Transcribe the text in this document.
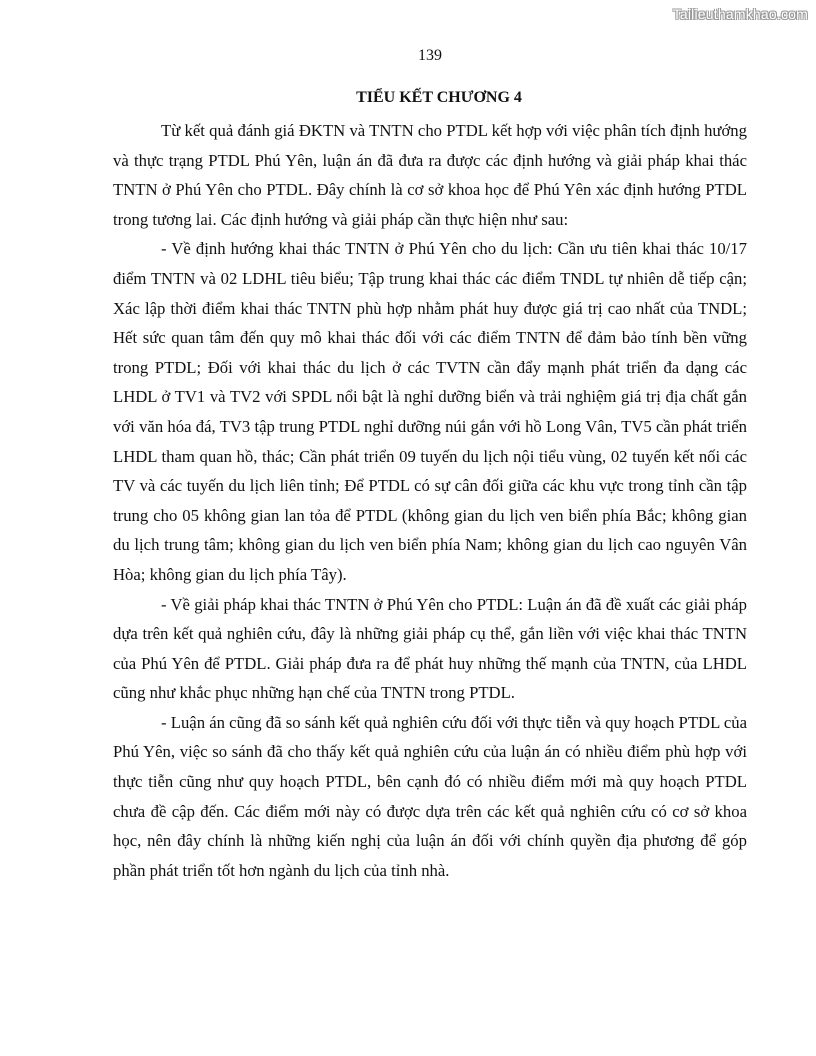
Tailieuthamkhao.com
139
TIỂU KẾT CHƯƠNG 4

Từ kết quả đánh giá ĐKTN và TNTN cho PTDL kết hợp với việc phân tích định hướng và thực trạng PTDL Phú Yên, luận án đã đưa ra được các định hướng và giải pháp khai thác TNTN ở Phú Yên cho PTDL. Đây chính là cơ sở khoa học để Phú Yên xác định hướng PTDL trong tương lai. Các định hướng và giải pháp cần thực hiện như sau:

- Về định hướng khai thác TNTN ở Phú Yên cho du lịch: Cần ưu tiên khai thác 10/17 điểm TNTN và 02 LDHL tiêu biểu; Tập trung khai thác các điểm TNDL tự nhiên dễ tiếp cận; Xác lập thời điểm khai thác TNTN phù hợp nhằm phát huy được giá trị cao nhất của TNDL; Hết sức quan tâm đến quy mô khai thác đối với các điểm TNTN để đảm bảo tính bền vững trong PTDL; Đối với khai thác du lịch ở các TVTN cần đẩy mạnh phát triển đa dạng các LHDL ở TV1 và TV2 với SPDL nổi bật là nghỉ dưỡng biển và trải nghiệm giá trị địa chất gắn với văn hóa đá, TV3 tập trung PTDL nghỉ dưỡng núi gắn với hồ Long Vân, TV5 cần phát triển LHDL tham quan hồ, thác; Cần phát triển 09 tuyến du lịch nội tiểu vùng, 02 tuyến kết nối các TV và các tuyến du lịch liên tỉnh; Để PTDL có sự cân đối giữa các khu vực trong tỉnh cần tập trung cho 05 không gian lan tỏa để PTDL (không gian du lịch ven biển phía Bắc; không gian du lịch trung tâm; không gian du lịch ven biển phía Nam; không gian du lịch cao nguyên Vân Hòa; không gian du lịch phía Tây).

- Về giải pháp khai thác TNTN ở Phú Yên cho PTDL: Luận án đã đề xuất các giải pháp dựa trên kết quả nghiên cứu, đây là những giải pháp cụ thể, gắn liền với việc khai thác TNTN của Phú Yên để PTDL. Giải pháp đưa ra để phát huy những thế mạnh của TNTN, của LHDL cũng như khắc phục những hạn chế của TNTN trong PTDL.

- Luận án cũng đã so sánh kết quả nghiên cứu đối với thực tiễn và quy hoạch PTDL của Phú Yên, việc so sánh đã cho thấy kết quả nghiên cứu của luận án có nhiều điểm phù hợp với thực tiễn cũng như quy hoạch PTDL, bên cạnh đó có nhiều điểm mới mà quy hoạch PTDL chưa đề cập đến. Các điểm mới này có được dựa trên các kết quả nghiên cứu có cơ sở khoa học, nên đây chính là những kiến nghị của luận án đối với chính quyền địa phương để góp phần phát triển tốt hơn ngành du lịch của tỉnh nhà.
